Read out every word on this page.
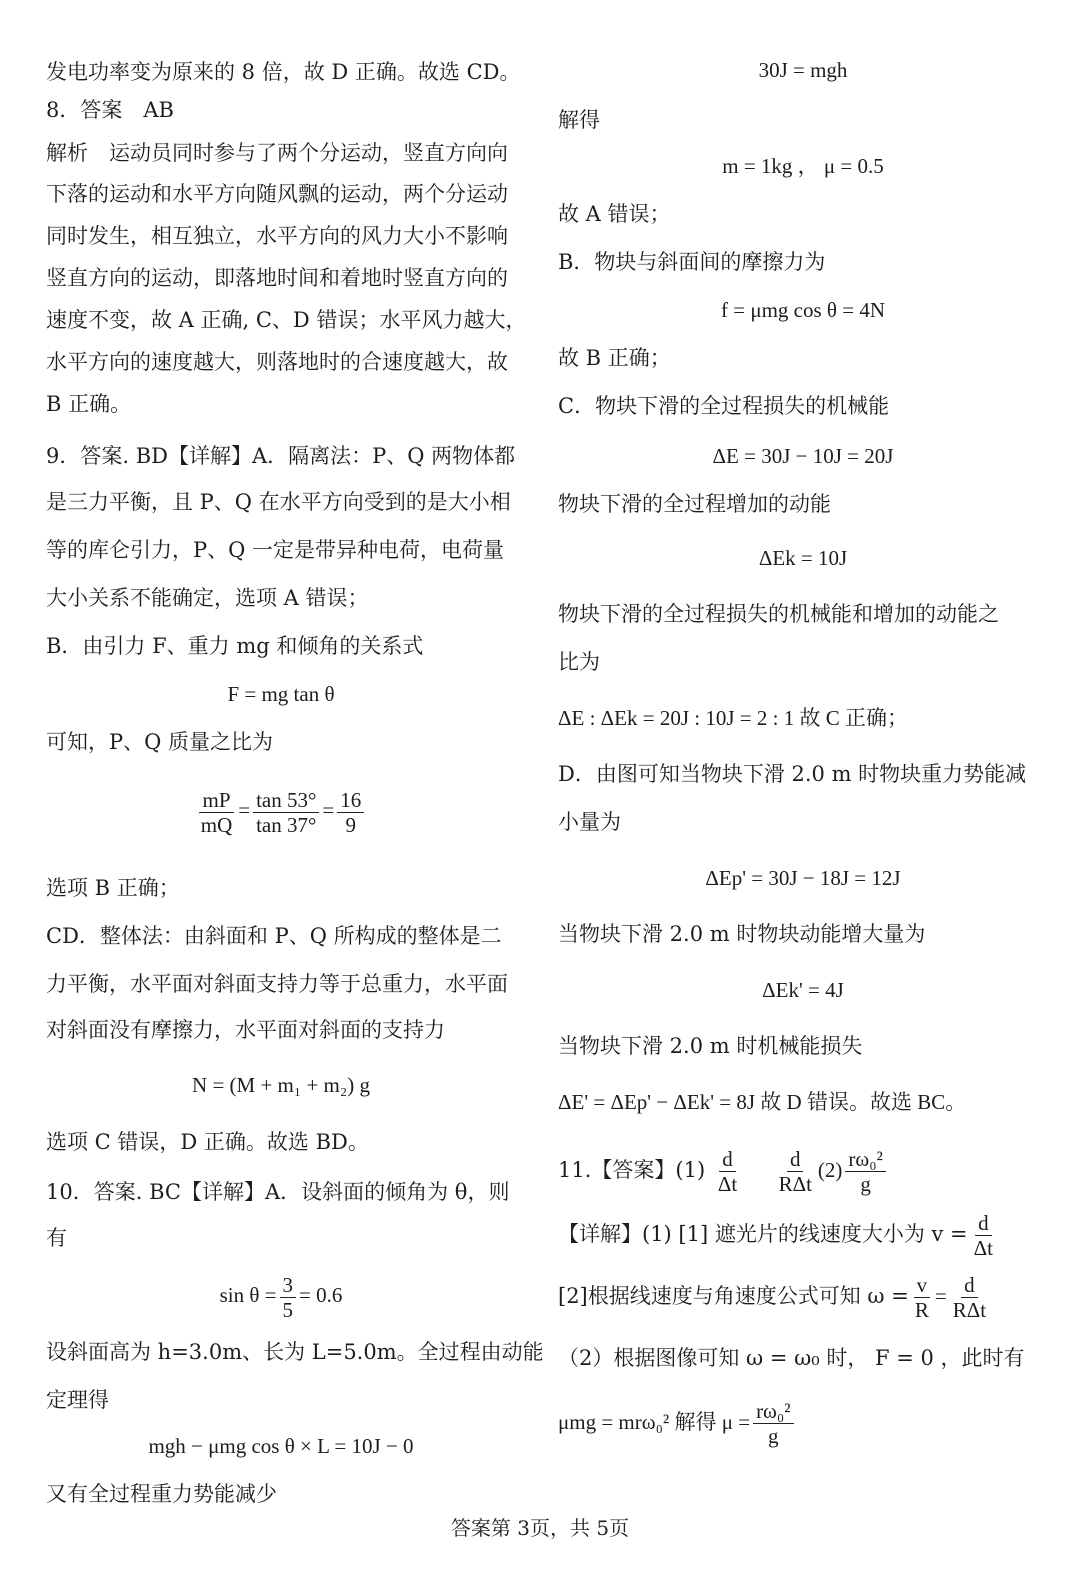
发电功率变为原来的 8 倍，故 D 正确。故选 CD。
8．答案　AB
解析　运动员同时参与了两个分运动，竖直方向向
下落的运动和水平方向随风飘的运动，两个分运动
同时发生，相互独立，水平方向的风力大小不影响
竖直方向的运动，即落地时间和着地时竖直方向的
速度不变，故 A 正确, C、D 错误；水平风力越大，
水平方向的速度越大，则落地时的合速度越大，故
B 正确。
9．答案. BD【详解】A．隔离法：P、Q 两物体都
是三力平衡，且 P、Q 在水平方向受到的是大小相
等的库仑引力，P、Q 一定是带异种电荷，电荷量
大小关系不能确定，选项 A 错误；
B．由引力 F、重力 mg 和倾角的关系式
F = mg tan θ
可知，P、Q 质量之比为
$\frac{mP}{mQ} = \frac{\tan 53^\circ}{\tan 37^\circ} = \frac{16}{9}$
选项 B 正确；
CD．整体法：由斜面和 P、Q 所构成的整体是二
力平衡，水平面对斜面支持力等于总重力，水平面
对斜面没有摩擦力，水平面对斜面的支持力
N = (M + m₁ + m₂) g
选项 C 错误，D 正确。故选 BD。
10．答案. BC【详解】A．设斜面的倾角为 θ，则
有
$\sin \theta = \frac{3}{5} = 0.6$
设斜面高为 h=3.0m、长为 L=5.0m。全过程由动能
定理得
mgh − μmg cos θ × L = 10J − 0
又有全过程重力势能减少
30J = mgh
解得
m = 1kg ， μ = 0.5
故 A 错误；
B．物块与斜面间的摩擦力为
f = μmg cos θ = 4N
故 B 正确；
C．物块下滑的全过程损失的机械能
ΔE = 30J − 10J = 20J
物块下滑的全过程增加的动能
ΔEk = 10J
物块下滑的全过程损失的机械能和增加的动能之
比为
ΔE : ΔEk = 20J : 10J = 2 : 1 故 C 正确；
D．由图可知当物块下滑 2.0 m 时物块重力势能减
小量为
ΔEp' = 30J − 18J = 12J
当物块下滑 2.0 m 时物块动能增大量为
ΔEk' = 4J
当物块下滑 2.0 m 时机械能损失
ΔE' = ΔEp' − ΔEk' = 8J 故 D 错误。故选 BC。
11.【答案】$(1) \frac{d}{\Delta t}$
$\frac{d}{\text{RΔt}} (2) \frac{\text{rω₀²}}{g}$
【详解】(1) [1] 遮光片的线速度大小为 $v = \frac{d}{\Delta t}$
[2]根据线速度与角速度公式可知 $\omega = \frac{v}{R} = \frac{d}{\text{RΔt}}$
（2）根据图像可知 ω = ω₀ 时， F = 0 ，此时有
μmg = mrω₀² 解得 $\mu = \frac{\text{rω₀²}}{g}$
答案第 3页，共 5页
